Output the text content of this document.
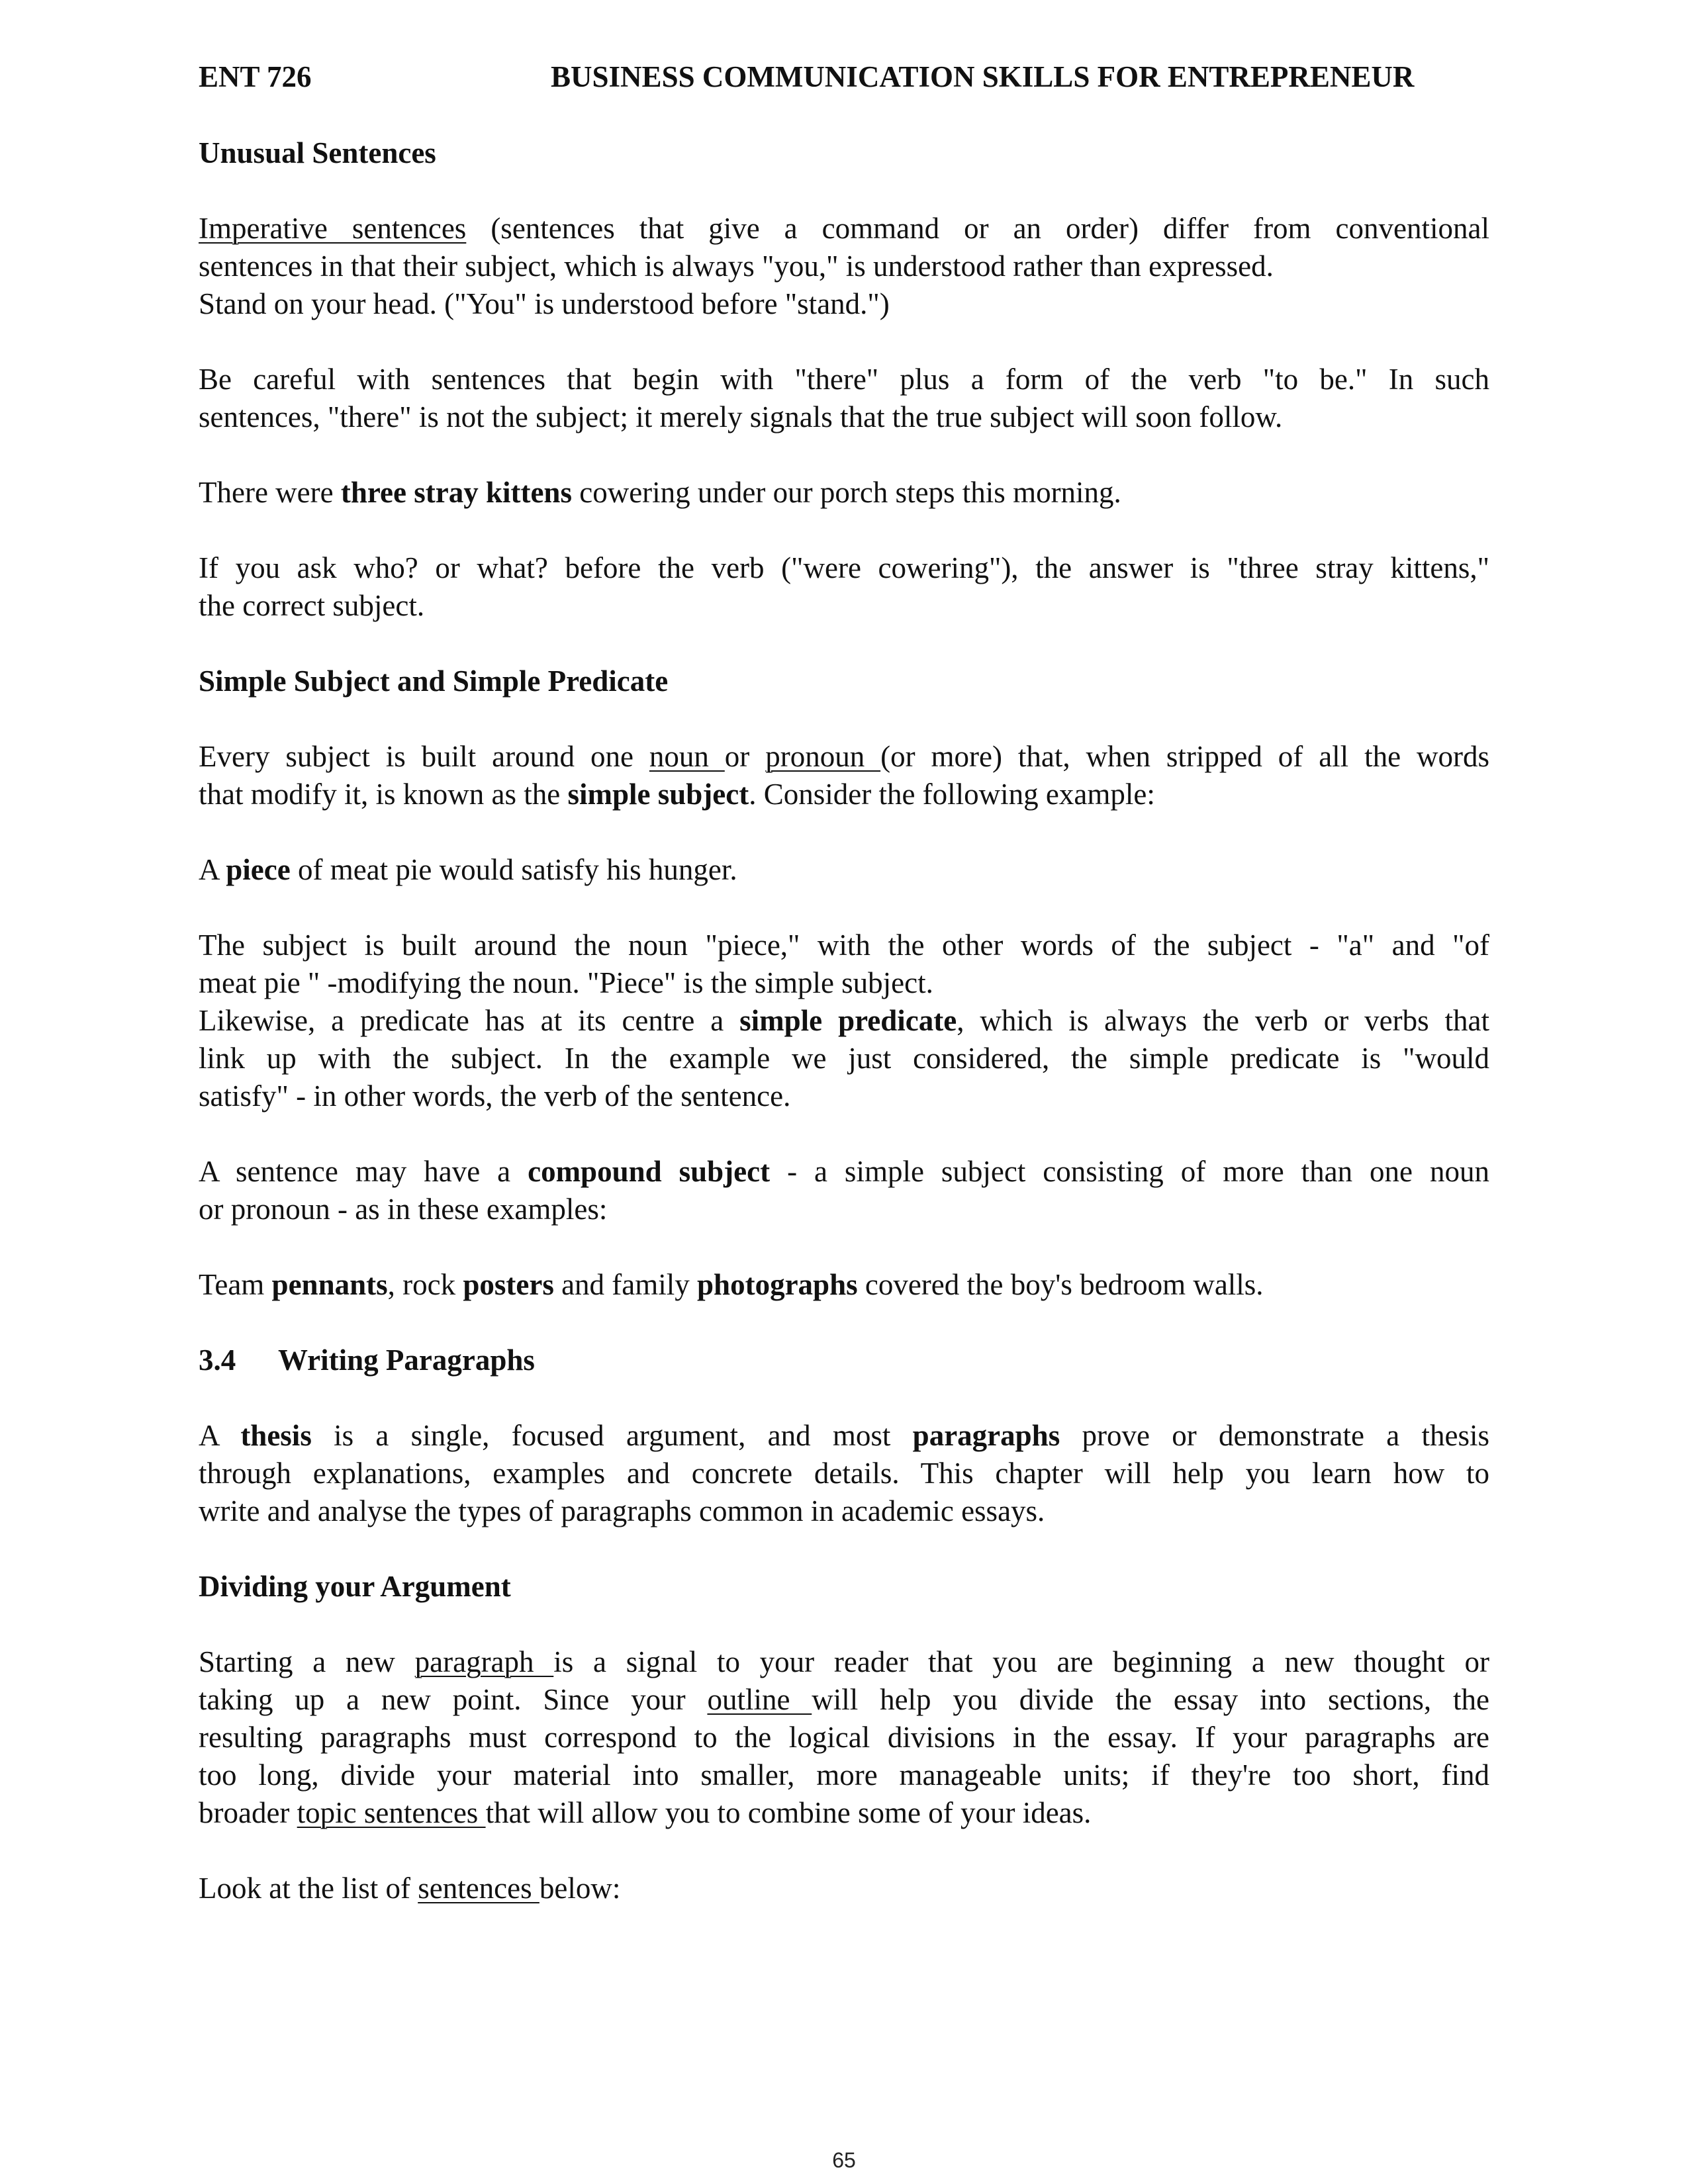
ENT 726	BUSINESS COMMUNICATION SKILLS FOR ENTREPRENEUR
Unusual Sentences
Imperative sentences (sentences that give a command or an order) differ from conventional
sentences in that their subject, which is always "you," is understood rather than expressed.
Stand on your head. ("You" is understood before "stand.")
Be careful with sentences that begin with "there" plus a form of the verb "to be." In such
sentences, "there" is not the subject; it merely signals that the true subject will soon follow.
There were three stray kittens cowering under our porch steps this morning.
If you ask who? or what? before the verb ("were cowering"), the answer is "three stray kittens,"
the correct subject.
Simple Subject and Simple Predicate
Every subject is built around one noun or pronoun (or more) that, when stripped of all the words
that modify it, is known as the simple subject. Consider the following example:
A piece of meat pie would satisfy his hunger.
The subject is built around the noun "piece," with the other words of the subject - "a" and "of
meat pie " -modifying the noun. "Piece" is the simple subject.
Likewise, a predicate has at its centre a simple predicate, which is always the verb or verbs that
link up with the subject. In the example we just considered, the simple predicate is "would
satisfy" - in other words, the verb of the sentence.
A sentence may have a compound subject - a simple subject consisting of more than one noun
or pronoun - as in these examples:
Team pennants, rock posters and family photographs covered the boy's bedroom walls.
3.4 Writing Paragraphs
A thesis is a single, focused argument, and most paragraphs prove or demonstrate a thesis
through explanations, examples and concrete details. This chapter will help you learn how to
write and analyse the types of paragraphs common in academic essays.
Dividing your Argument
Starting a new paragraph is a signal to your reader that you are beginning a new thought or
taking up a new point. Since your outline will help you divide the essay into sections, the
resulting paragraphs must correspond to the logical divisions in the essay. If your paragraphs are
too long, divide your material into smaller, more manageable units; if they're too short, find
broader topic sentences that will allow you to combine some of your ideas.
Look at the list of sentences below:
65
